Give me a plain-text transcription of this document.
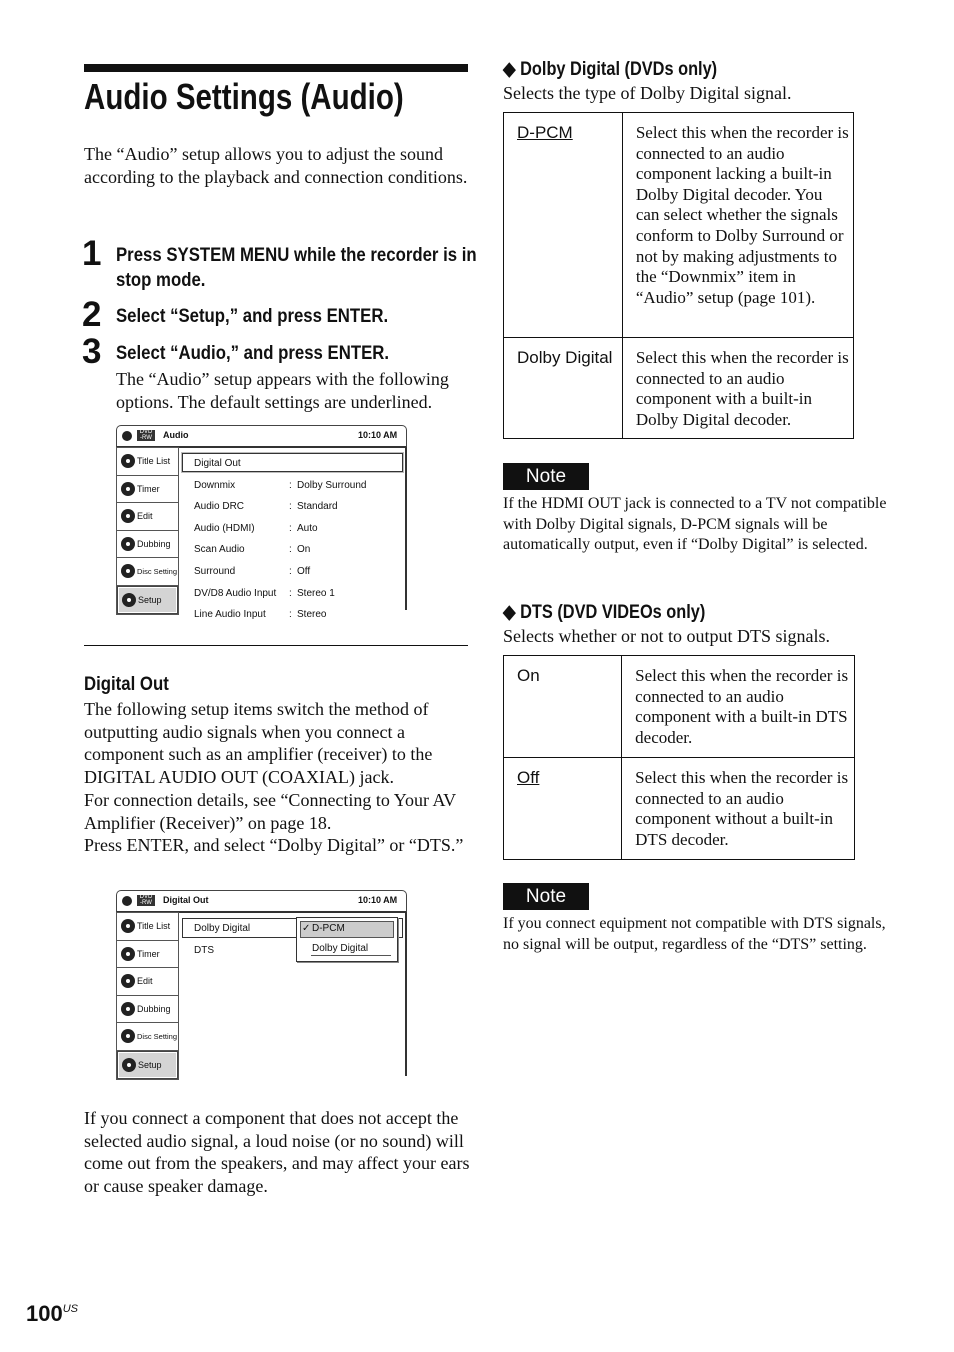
Audio Settings (Audio)
The “Audio” setup allows you to adjust the sound according to the playback and connection conditions.
1 Press SYSTEM MENU while the recorder is in stop mode.
2 Select “Setup,” and press ENTER.
3 Select “Audio,” and press ENTER.
The “Audio” setup appears with the following options. The default settings are underlined.
DVD
-RW	Audio	10:10 AM
Title List
Timer
Edit
Dubbing
Disc Setting
Setup
Digital Out
Downmix	: Dolby Surround
Audio DRC	: Standard
Audio (HDMI)	: Auto
Scan Audio	: On
Surround	: Off
DV/D8 Audio Input : Stereo 1
Line Audio Input : Stereo
Digital Out
The following setup items switch the method of outputting audio signals when you connect a component such as an amplifier (receiver) to the DIGITAL AUDIO OUT (COAXIAL) jack.
For connection details, see “Connecting to Your AV Amplifier (Receiver)” on page 18.
Press ENTER, and select “Dolby Digital” or “DTS.”
DVD
-RW	Digital Out	10:10 AM
Title List
Timer
Edit
Dubbing
Disc Setting
Setup
Dolby Digital
DTS
✓ D-PCM
Dolby Digital
If you connect a component that does not accept the selected audio signal, a loud noise (or no sound) will come out from the speakers, and may affect your ears or cause speaker damage.
$100^{US}$
◆ Dolby Digital (DVDs only)
Selects the type of Dolby Digital signal.
D-PCM	Select this when the recorder is connected to an audio component lacking a built-in Dolby Digital decoder. You can select whether the signals conform to Dolby Surround or not by making adjustments to the “Downmix” item in “Audio” setup (page 101).
Dolby Digital	Select this when the recorder is connected to an audio component with a built-in Dolby Digital decoder.
Note
If the HDMI OUT jack is connected to a TV not compatible with Dolby Digital signals, D-PCM signals will be automatically output, even if “Dolby Digital” is selected.
◆ DTS (DVD VIDEOs only)
Selects whether or not to output DTS signals.
On	Select this when the recorder is connected to an audio component with a built-in DTS decoder.
Off	Select this when the recorder is connected to an audio component without a built-in DTS decoder.
Note
If you connect equipment not compatible with DTS signals, no signal will be output, regardless of the “DTS” setting.
